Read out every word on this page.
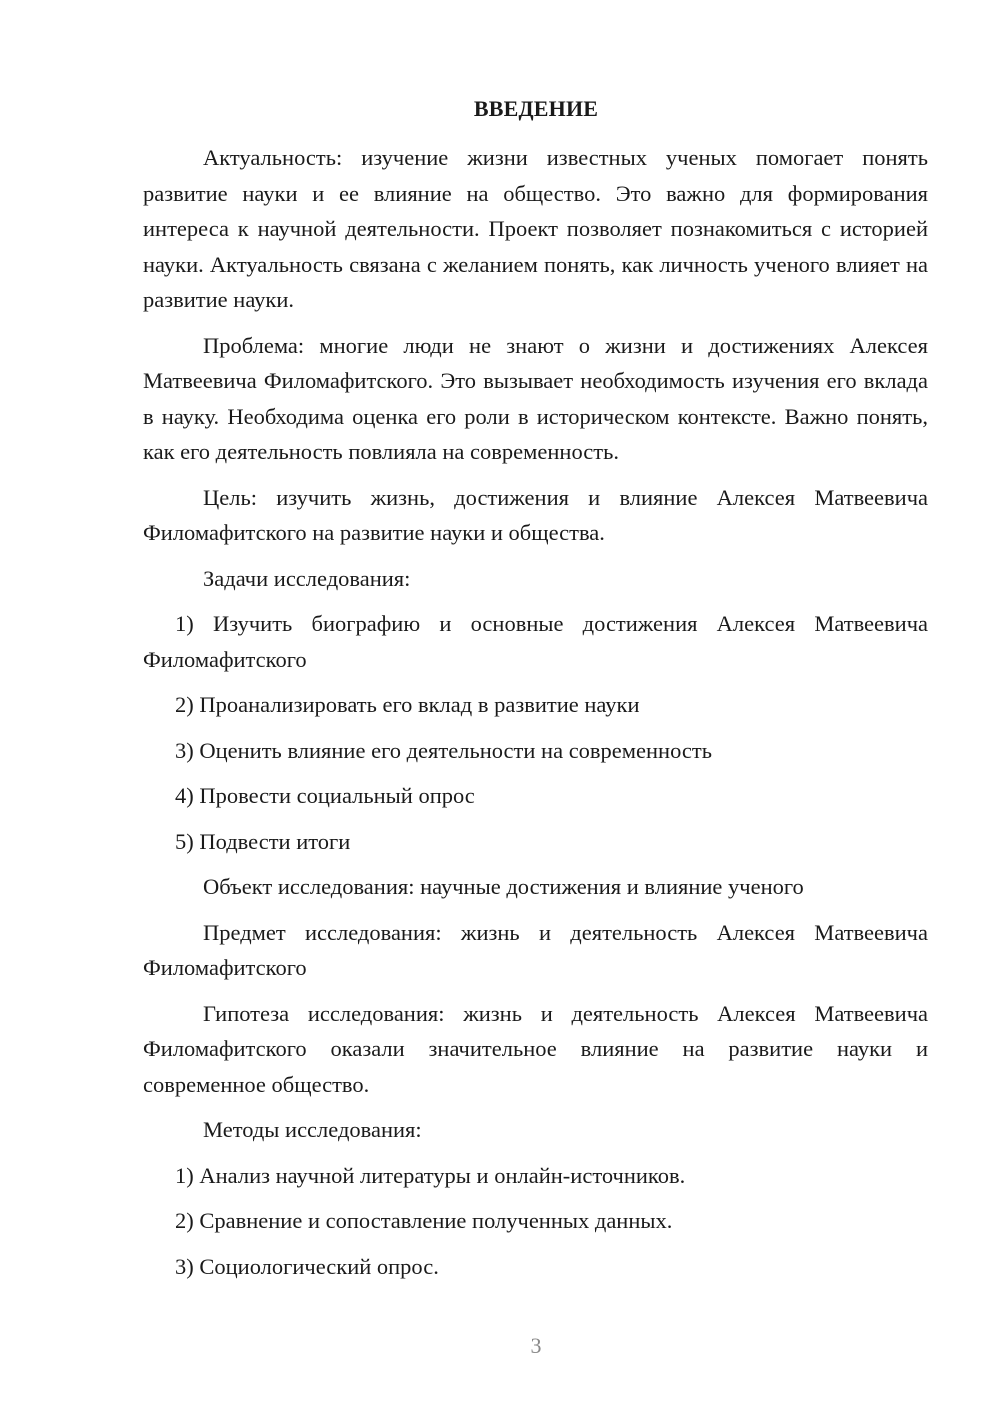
ВВЕДЕНИЕ

Актуальность: изучение жизни известных ученых помогает понять развитие науки и ее влияние на общество. Это важно для формирования интереса к научной деятельности. Проект позволяет познакомиться с историей науки. Актуальность связана с желанием понять, как личность ученого влияет на развитие науки.

Проблема: многие люди не знают о жизни и достижениях Алексея Матвеевича Филомафитского. Это вызывает необходимость изучения его вклада в науку. Необходима оценка его роли в историческом контексте. Важно понять, как его деятельность повлияла на современность.

Цель: изучить жизнь, достижения и влияние Алексея Матвеевича Филомафитского на развитие науки и общества.

Задачи исследования:

1) Изучить биографию и основные достижения Алексея Матвеевича Филомафитского

2) Проанализировать его вклад в развитие науки

3) Оценить влияние его деятельности на современность

4) Провести социальный опрос

5) Подвести итоги

Объект исследования: научные достижения и влияние ученого

Предмет исследования: жизнь и деятельность Алексея Матвеевича Филомафитского

Гипотеза исследования: жизнь и деятельность Алексея Матвеевича Филомафитского оказали значительное влияние на развитие науки и современное общество.

Методы исследования:

1) Анализ научной литературы и онлайн-источников.

2) Сравнение и сопоставление полученных данных.

3) Социологический опрос.

3
